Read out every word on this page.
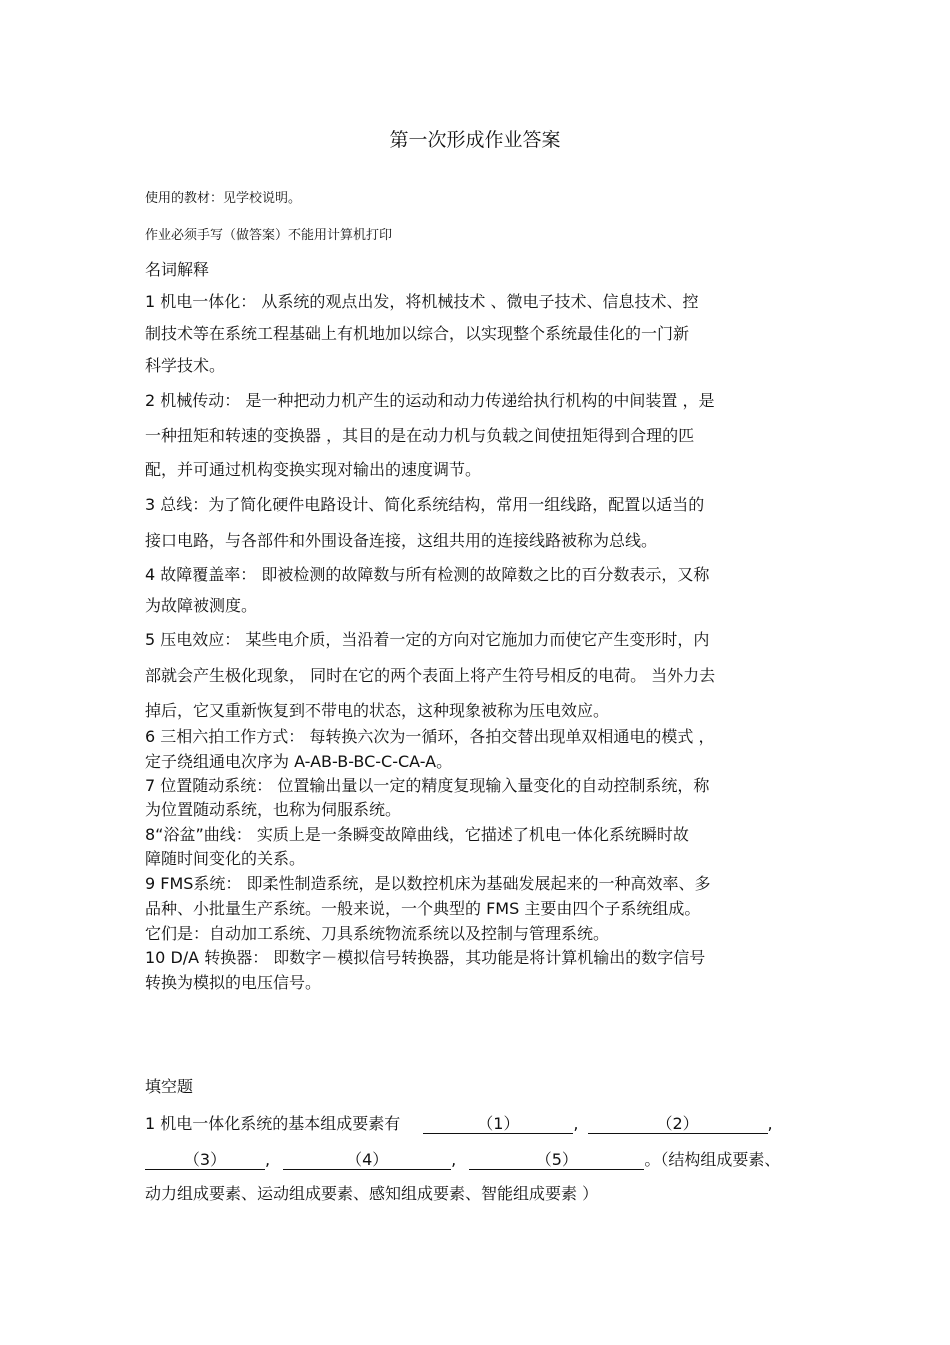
第一次形成作业答案
使用的教材：见学校说明。
作业必须手写（做答案）不能用计算机打印
名词解释
1 机电一体化： 从系统的观点出发，将机械技术 、微电子技术、信息技术、控
制技术等在系统工程基础上有机地加以综合，以实现整个系统最佳化的一门新
科学技术。
2 机械传动： 是一种把动力机产生的运动和动力传递给执行机构的中间装置 ，是
一种扭矩和转速的变换器 ，其目的是在动力机与负载之间使扭矩得到合理的匹
配，并可通过机构变换实现对输出的速度调节。
3 总线：为了简化硬件电路设计、简化系统结构，常用一组线路，配置以适当的
接口电路，与各部件和外围设备连接，这组共用的连接线路被称为总线。
4 故障覆盖率： 即被检测的故障数与所有检测的故障数之比的百分数表示，又称
为故障被测度。
5 压电效应： 某些电介质，当沿着一定的方向对它施加力而使它产生变形时，内
部就会产生极化现象， 同时在它的两个表面上将产生符号相反的电荷。 当外力去
掉后，它又重新恢复到不带电的状态，这种现象被称为压电效应。
6 三相六拍工作方式： 每转换六次为一循环，各拍交替出现单双相通电的模式 ，
定子绕组通电次序为 A-AB-B-BC-C-CA-A。
7 位置随动系统： 位置输出量以一定的精度复现输入量变化的自动控制系统，称
为位置随动系统，也称为伺服系统。
8“浴盆”曲线： 实质上是一条瞬变故障曲线，它描述了机电一体化系统瞬时故
障随时间变化的关系。
9 FMS系统： 即柔性制造系统，是以数控机床为基础发展起来的一种高效率、多
品种、小批量生产系统。一般来说，一个典型的 FMS 主要由四个子系统组成。
它们是：自动加工系统、刀具系统物流系统以及控制与管理系统。
10 D/A 转换器： 即数字－模拟信号转换器，其功能是将计算机输出的数字信号
转换为模拟的电压信号。
填空题
1 机电一体化系统的基本组成要素有	（1）	,	（2）	,
（3） ,	（4）	,	（5）	。（结构组成要素、
动力组成要素、运动组成要素、感知组成要素、智能组成要素 ）
